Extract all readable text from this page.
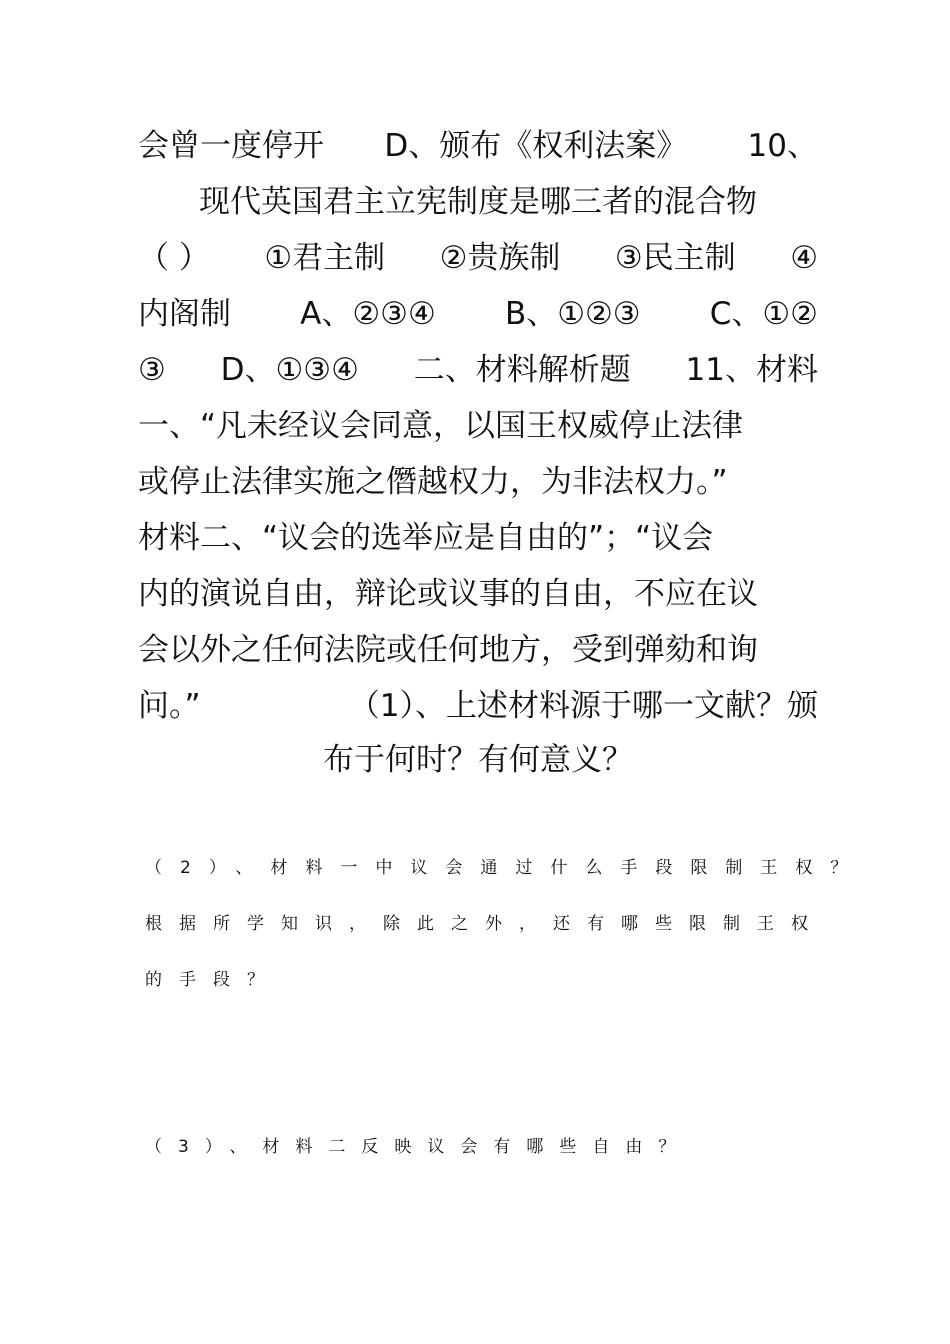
会曾一度停开 D、颁布《权利法案》 10、
现代英国君主立宪制度是哪三者的混合物
（ ） ①君主制 ②贵族制 ③民主制 ④
内阁制 A、②③④ B、①②③ C、①②
③ D、①③④ 二、材料解析题 11、材料
一、“凡未经议会同意，以国王权威停止法律
或停止法律实施之僭越权力，为非法权力。”
材料二、“议会的选举应是自由的”；“议会
内的演说自由，辩论或议事的自由，不应在议
会以外之任何法院或任何地方，受到弹劾和询
问。”	（1）、上述材料源于哪一文献？颁
布于何时？有何意义？
（2）、材料一中议会通过什么手段限制王权？
根据所学知识，除此之外，还有哪些限制王权
的手段？
（3）、材料二反映议会有哪些自由？
